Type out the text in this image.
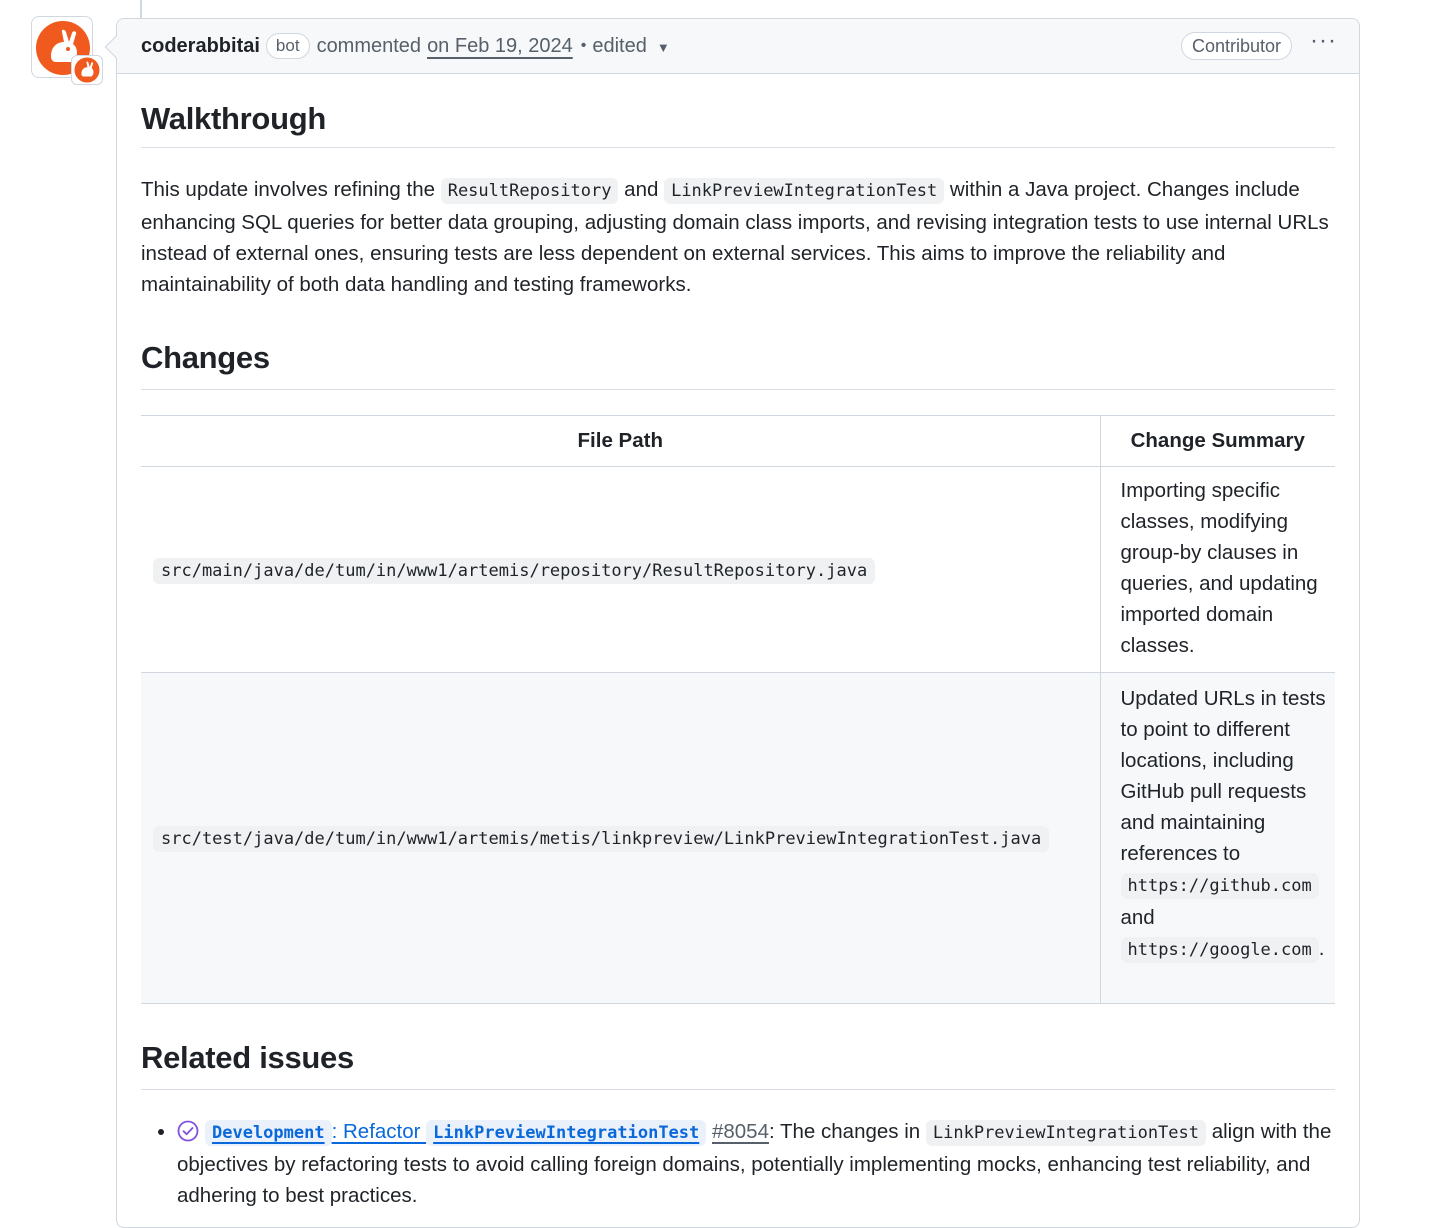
coderabbitai bot commented on Feb 19, 2024 • edited ▼	Contributor	···
Walkthrough

This update involves refining the ResultRepository and LinkPreviewIntegrationTest within a Java project. Changes include enhancing SQL queries for better data grouping, adjusting domain class imports, and revising integration tests to use internal URLs instead of external ones, ensuring tests are less dependent on external services. This aims to improve the reliability and maintainability of both data handling and testing frameworks.

Changes
File Path	Change Summary
src/main/java/de/tum/in/www1/artemis/repository/ResultRepository.java	Importing specific classes, modifying group-by clauses in queries, and updating imported domain classes.
src/test/java/de/tum/in/www1/artemis/metis/linkpreview/LinkPreviewIntegrationTest.java	Updated URLs in tests to point to different locations, including GitHub pull requests and maintaining references to https://github.com and https://google.com .
Related issues
• Development : Refactor LinkPreviewIntegrationTest #8054: The changes in LinkPreviewIntegrationTest align with the objectives by refactoring tests to avoid calling foreign domains, potentially implementing mocks, enhancing test reliability, and adhering to best practices.
